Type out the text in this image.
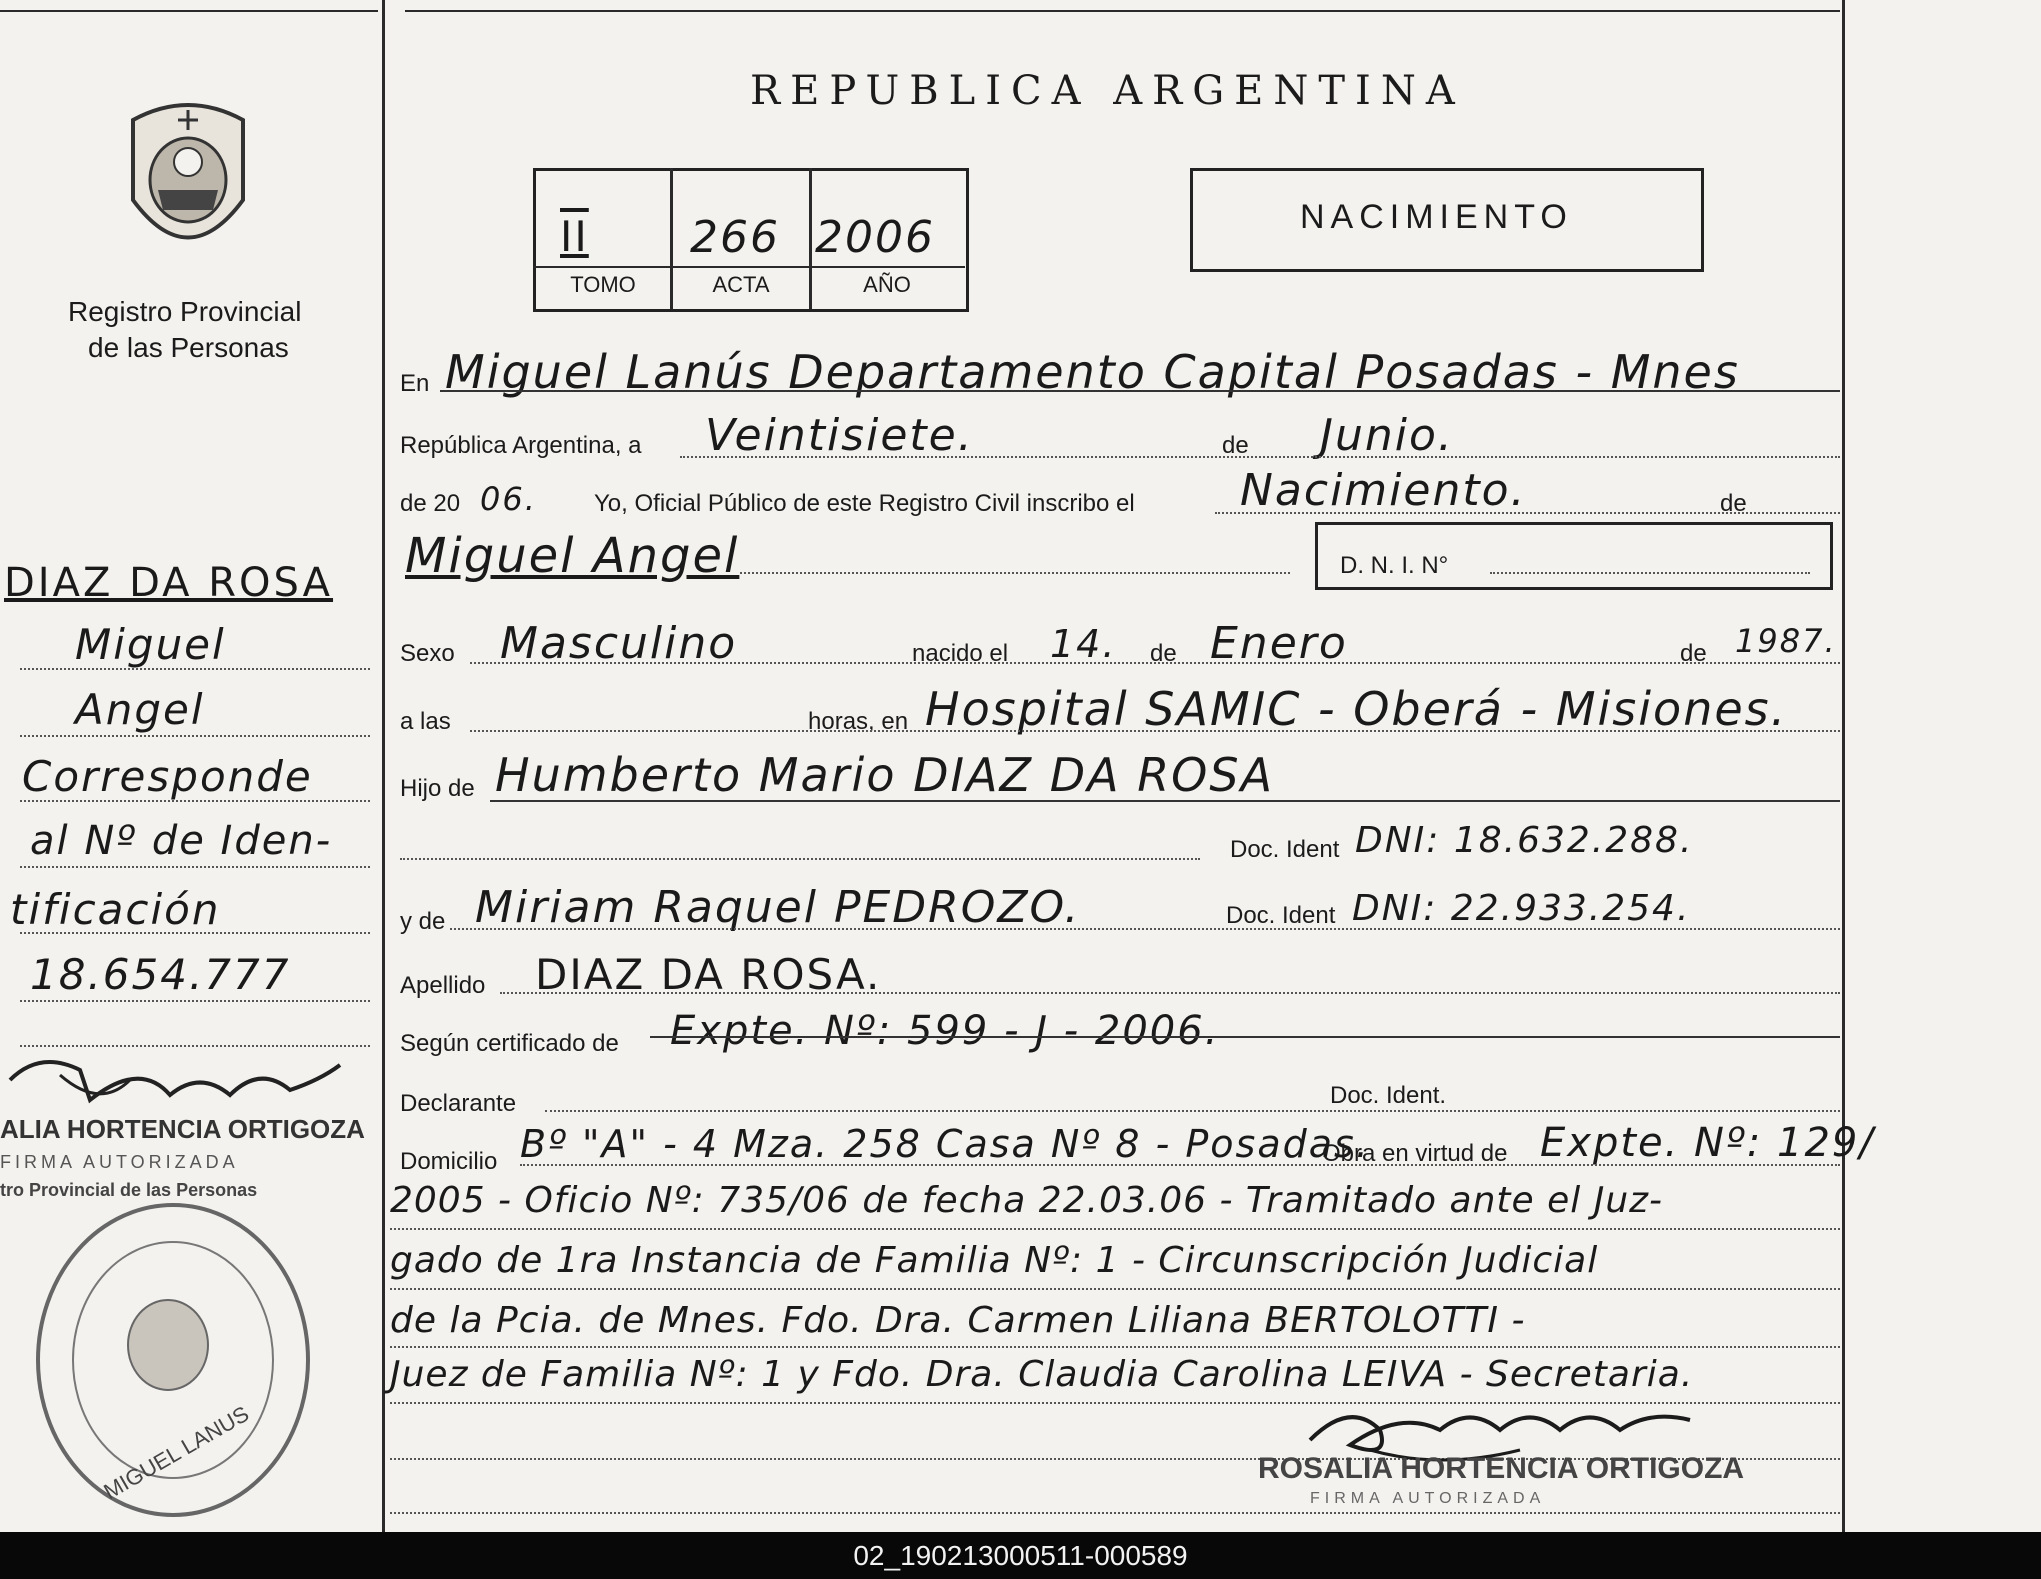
Registro Provincial
de las Personas
DIAZ DA ROSA
Miguel
Angel
Corresponde
al Nº de Iden-
tificación
18.654.777
ALIA HORTENCIA ORTIGOZA
FIRMA AUTORIZADA
tro Provincial de las Personas
MIGUEL LANUS
REPUBLICA ARGENTINA
II 266 2006
TOMO	ACTA	AÑO
NACIMIENTO
En Miguel Lanús Departamento Capital Posadas - Mnes
República Argentina, a Veintisiete.	de Junio.
de 20 06. Yo, Oficial Público de este Registro Civil inscribo el Nacimiento.	de
Miguel Angel	D. N. I. N°
Sexo Masculino	nacido el 14. de Enero	de 1987.
a las	horas, en Hospital SAMIC - Oberá - Misiones.
Hijo de Humberto Mario DIAZ DA ROSA
Doc. Ident DNI: 18.632.288.
y de Miriam Raquel PEDROZO.	Doc. Ident DNI: 22.933.254.
Apellido DIAZ DA ROSA.
Según certificado de Expte. Nº: 599 - J - 2006.
Declarante	Doc. Ident.
Domicilio Bº "A" - 4 Mza. 258 Casa Nº 8 - Posadas.
Obra en virtud de Expte. Nº: 129/
2005 - Oficio Nº: 735/06 de fecha 22.03.06 - Tramitado ante el Juz-
gado de 1ra Instancia de Familia Nº: 1 - Circunscripción Judicial
de la Pcia. de Mnes. Fdo. Dra. Carmen Liliana BERTOLOTTI -
Juez de Familia Nº: 1 y Fdo. Dra. Claudia Carolina LEIVA - Secretaria.
ROSALIA HORTENCIA ORTIGOZA
FIRMA AUTORIZADA
02_190213000511-000589
